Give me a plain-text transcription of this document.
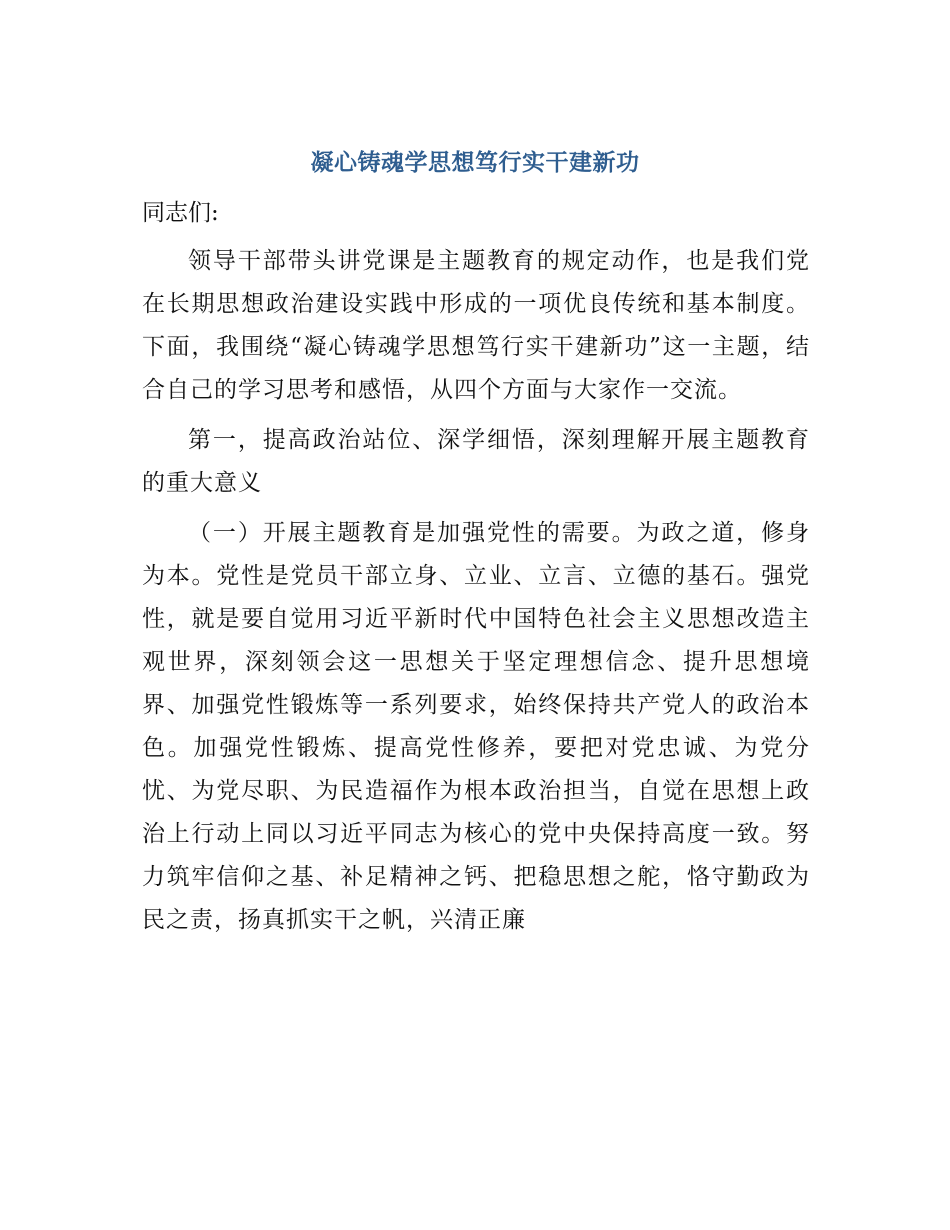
凝心铸魂学思想笃行实干建新功
同志们:

领导干部带头讲党课是主题教育的规定动作，也是我们党在长期思想政治建设实践中形成的一项优良传统和基本制度。下面，我围绕“凝心铸魂学思想笃行实干建新功”这一主题，结合自己的学习思考和感悟，从四个方面与大家作一交流。

第一，提高政治站位、深学细悟，深刻理解开展主题教育的重大意义

（一）开展主题教育是加强党性的需要。为政之道，修身为本。党性是党员干部立身、立业、立言、立德的基石。强党性，就是要自觉用习近平新时代中国特色社会主义思想改造主观世界，深刻领会这一思想关于坚定理想信念、提升思想境界、加强党性锻炼等一系列要求，始终保持共产党人的政治本色。加强党性锻炼、提高党性修养，要把对党忠诚、为党分忧、为党尽职、为民造福作为根本政治担当，自觉在思想上政治上行动上同以习近平同志为核心的党中央保持高度一致。努力筑牢信仰之基、补足精神之钙、把稳思想之舵，恪守勤政为民之责，扬真抓实干之帆，兴清正廉
